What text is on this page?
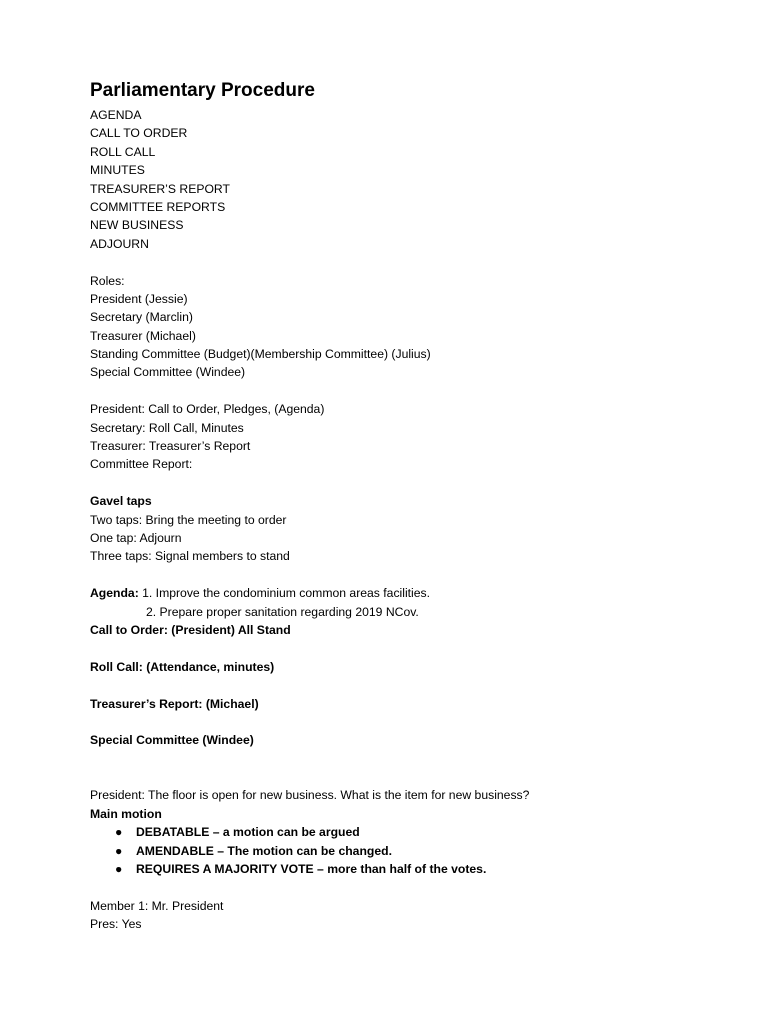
Parliamentary Procedure
AGENDA
CALL TO ORDER
ROLL CALL
MINUTES
TREASURER’S REPORT
COMMITTEE REPORTS
NEW BUSINESS
ADJOURN
Roles:
President (Jessie)
Secretary (Marclin)
Treasurer (Michael)
Standing Committee (Budget)(Membership Committee) (Julius)
Special Committee (Windee)
President: Call to Order, Pledges, (Agenda)
Secretary: Roll Call, Minutes
Treasurer: Treasurer’s Report
Committee Report:
Gavel taps
Two taps: Bring the meeting to order
One tap: Adjourn
Three taps: Signal members to stand
Agenda: 1. Improve the condominium common areas facilities.
2. Prepare proper sanitation regarding 2019 NCov.
Call to Order: (President) All Stand
Roll Call: (Attendance, minutes)
Treasurer’s Report: (Michael)
Special Committee (Windee)
President: The floor is open for new business. What is the item for new business?
Main motion
● DEBATABLE – a motion can be argued
● AMENDABLE – The motion can be changed.
● REQUIRES A MAJORITY VOTE – more than half of the votes.
Member 1: Mr. President
Pres: Yes
